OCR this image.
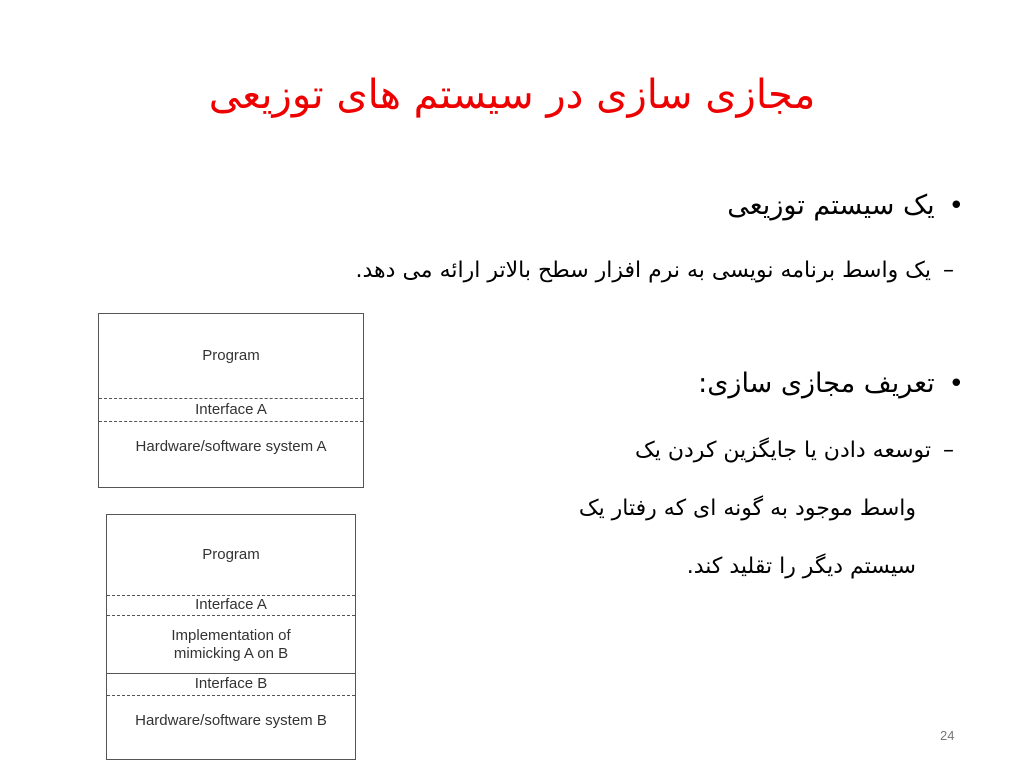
مجازی سازی در سیستم های توزیعی
•
یک سیستم توزیعی
–
یک واسط برنامه نویسی به نرم افزار سطح بالاتر ارائه می دهد.
•
تعریف مجازی سازی:
–
توسعه دادن یا جایگزین کردن یک
واسط موجود به گونه ای که رفتار یک
سیستم دیگر را تقلید کند.
Program
Interface A
Hardware/software system A
Program
Interface A
Implementation of
mimicking A on B
Interface B
Hardware/software system B
24
